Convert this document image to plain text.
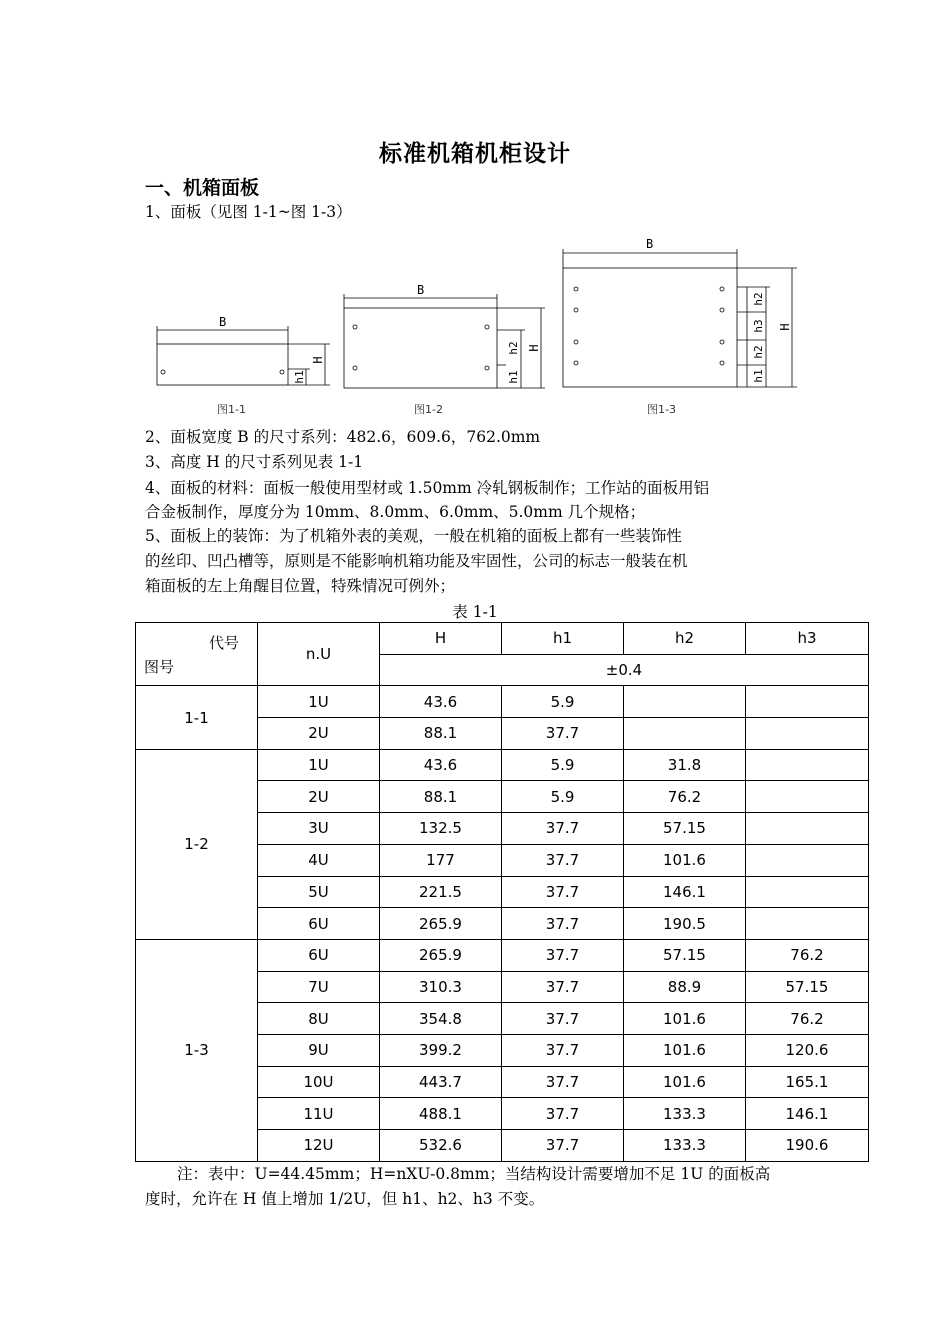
标准机箱机柜设计
一、机箱面板
1、面板（见图 1-1~图 1-3）
B
H
h1
B
H
h2
h1
B
H
h2
h3
h2
h1
图1-1	图1-2	图1-3
2、面板宽度 B 的尺寸系列：482.6，609.6，762.0mm
3、高度 H 的尺寸系列见表 1-1
4、面板的材料：面板一般使用型材或 1.50mm 冷轧钢板制作；工作站的面板用铝
合金板制作，厚度分为 10mm、8.0mm、6.0mm、5.0mm 几个规格；
5、面板上的装饰：为了机箱外表的美观，一般在机箱的面板上都有一些装饰性
的丝印、凹凸槽等，原则是不能影响机箱功能及牢固性，公司的标志一般装在机
箱面板的左上角醒目位置，特殊情况可例外；
表 1-1
代号
图号	n.U	H	h1	h2	h3
		±0.4			
1-1	1U	43.6	5.9		
	2U	88.1	37.7		
1-2	1U	43.6	5.9	31.8	
	2U	88.1	5.9	76.2	
	3U	132.5	37.7	57.15	
	4U	177	37.7	101.6	
	5U	221.5	37.7	146.1	
	6U	265.9	37.7	190.5	
1-3	6U	265.9	37.7	57.15	76.2
	7U	310.3	37.7	88.9	57.15
	8U	354.8	37.7	101.6	76.2
	9U	399.2	37.7	101.6	120.6
	10U	443.7	37.7	101.6	165.1
	11U	488.1	37.7	133.3	146.1
	12U	532.6	37.7	133.3	190.6
注：表中：U=44.45mm；H=nXU-0.8mm；当结构设计需要增加不足 1U 的面板高
度时，允许在 H 值上增加 1/2U，但 h1、h2、h3 不变。
